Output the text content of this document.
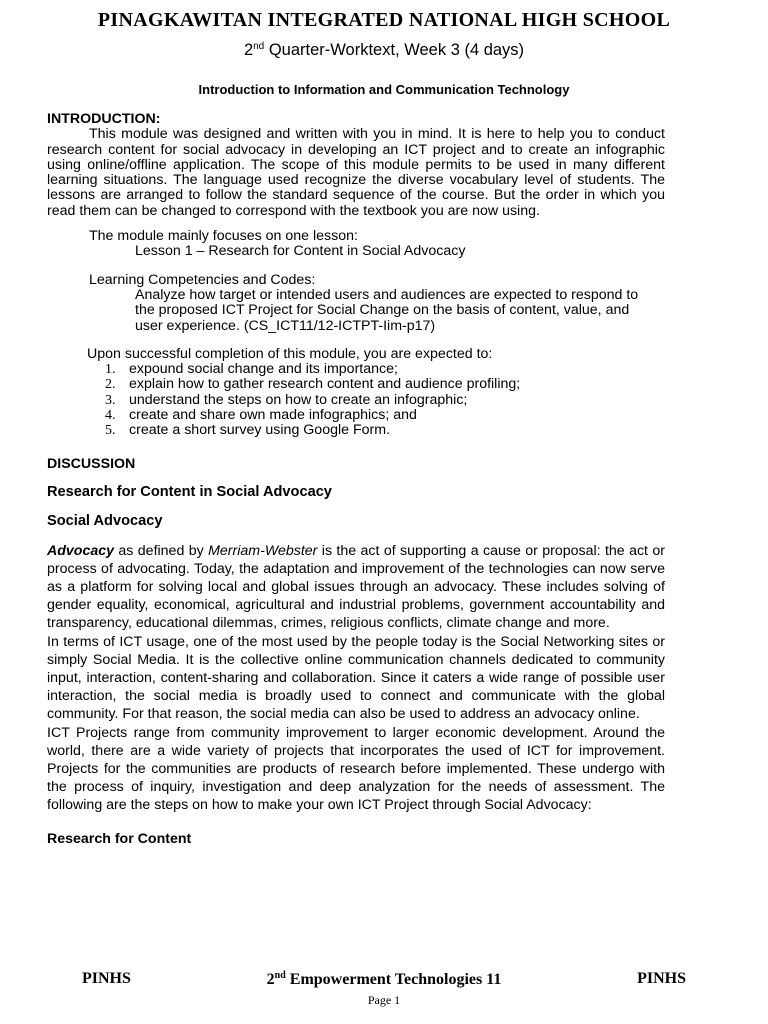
PINAGKAWITAN INTEGRATED NATIONAL HIGH SCHOOL
2nd Quarter-Worktext, Week 3 (4 days)
Introduction to Information and Communication Technology
INTRODUCTION:
This module was designed and written with you in mind. It is here to help you to conduct research content for social advocacy in developing an ICT project and to create an infographic using online/offline application. The scope of this module permits to be used in many different learning situations. The language used recognize the diverse vocabulary level of students. The lessons are arranged to follow the standard sequence of the course. But the order in which you read them can be changed to correspond with the textbook you are now using.
The module mainly focuses on one lesson:
Lesson 1 – Research for Content in Social Advocacy
Learning Competencies and Codes:
Analyze how target or intended users and audiences are expected to respond to the proposed ICT Project for Social Change on the basis of content, value, and user experience. (CS_ICT11/12-ICTPT-Iim-p17)
Upon successful completion of this module, you are expected to:
1. expound social change and its importance;
2. explain how to gather research content and audience profiling;
3. understand the steps on how to create an infographic;
4. create and share own made infographics; and
5. create a short survey using Google Form.
DISCUSSION
Research for Content in Social Advocacy
Social Advocacy

Advocacy as defined by Merriam-Webster is the act of supporting a cause or proposal: the act or process of advocating. Today, the adaptation and improvement of the technologies can now serve as a platform for solving local and global issues through an advocacy. These includes solving of gender equality, economical, agricultural and industrial problems, government accountability and transparency, educational dilemmas, crimes, religious conflicts, climate change and more.

In terms of ICT usage, one of the most used by the people today is the Social Networking sites or simply Social Media. It is the collective online communication channels dedicated to community input, interaction, content-sharing and collaboration. Since it caters a wide range of possible user interaction, the social media is broadly used to connect and communicate with the global community. For that reason, the social media can also be used to address an advocacy online.

ICT Projects range from community improvement to larger economic development. Around the world, there are a wide variety of projects that incorporates the used of ICT for improvement. Projects for the communities are products of research before implemented. These undergo with the process of inquiry, investigation and deep analyzation for the needs of assessment. The following are the steps on how to make your own ICT Project through Social Advocacy:

Research for Content
PINHS	2nd Empowerment Technologies 11	PINHS
Page 1
